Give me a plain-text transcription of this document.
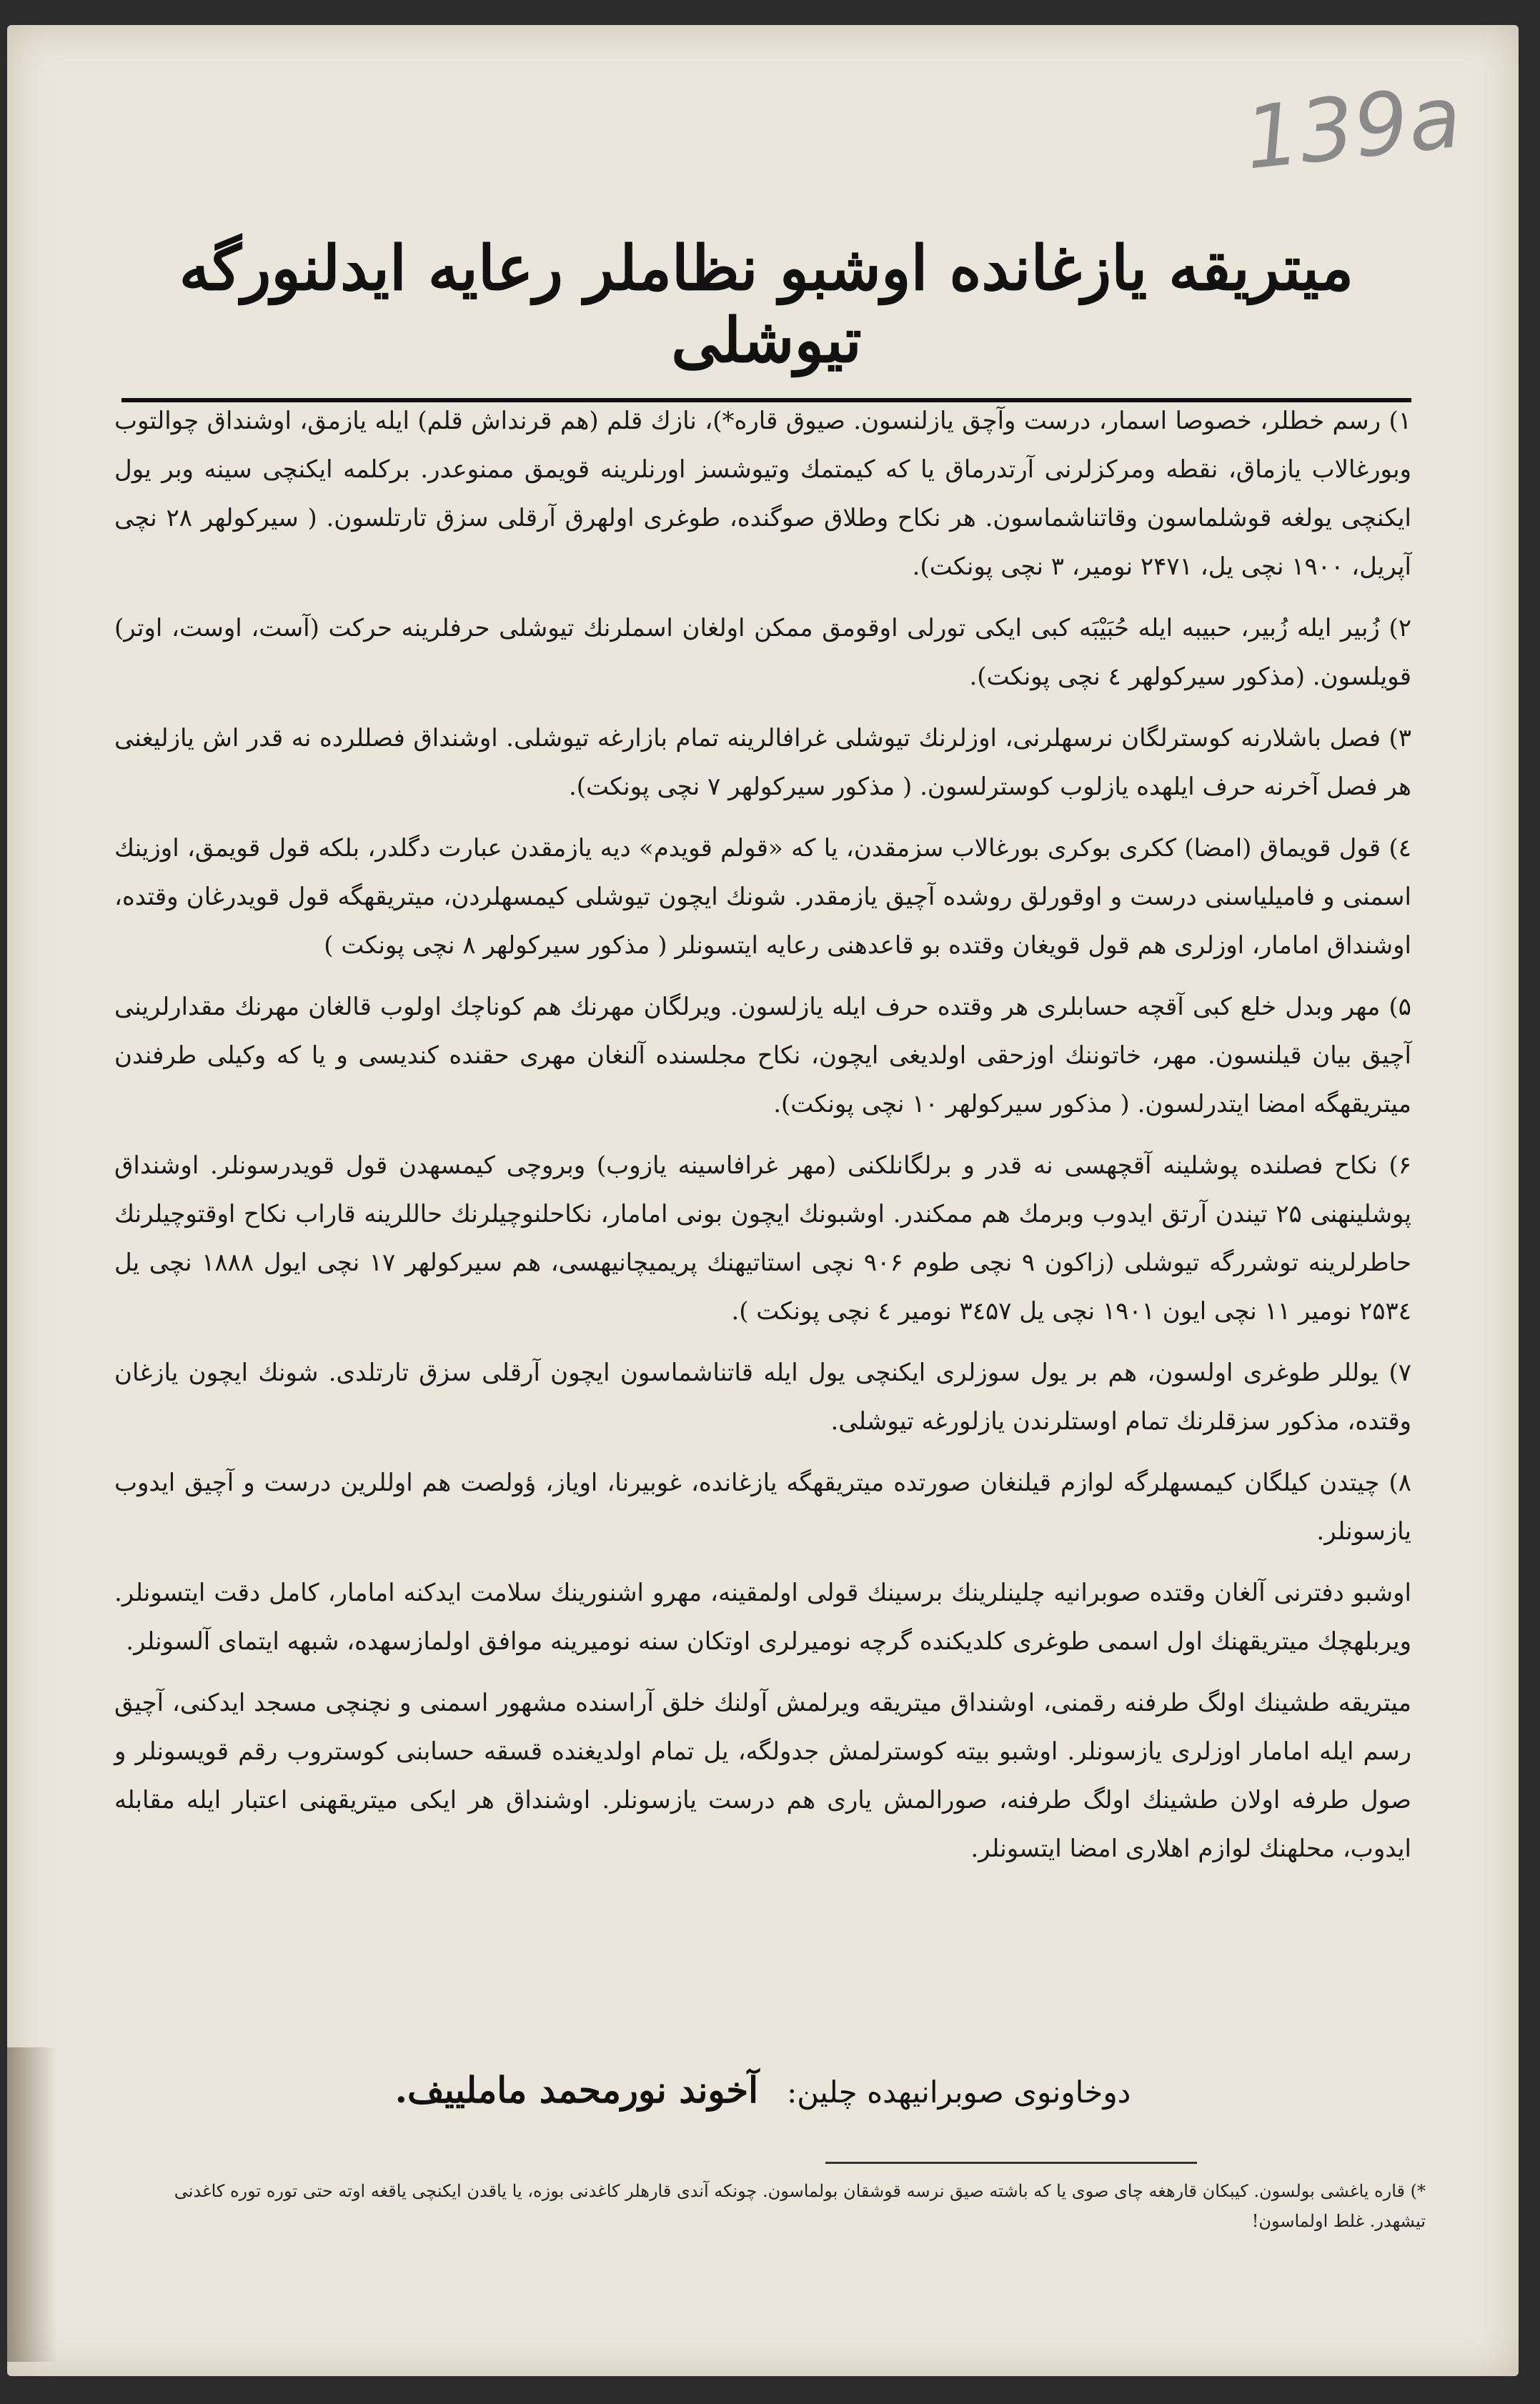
139a
میتریقه یازغانده اوشبو نظاملر رعایه ایدلنورگه تیوشلی

۱) رسم خطلر، خصوصا اسمار، درست وآچق یازلنسون. صیوق قاره*)، نازك قلم (هم قرنداش قلم) ایله یازمق، اوشنداق چوالتوب وبورغالاب یازماق، نقطه ومرکزلرنی آرتدرماق یا که کیمتمك وتیوشسز اورنلرینه قویمق ممنوعدر. برکلمه ایکنچی سینه وبر یول ایکنچی یولغه قوشلماسون وقاتناشماسون. هر نکاح وطلاق صوگنده، طوغری اولهرق آرقلی سزق تارتلسون. ( سیرکولهر ۲۸ نچی آپریل، ۱۹۰۰ نچی یل، ۲۴۷۱ نومیر، ۳ نچی پونکت).

۲) زُبیر ایله زُبیر، حبیبه ایله حُبَیْبَه کبی ایکی تورلی اوقومق ممکن اولغان اسملرنك تیوشلی حرفلرینه حرکت (آست، اوست، اوتر) قویلسون. (مذکور سیرکولهر ٤ نچی پونکت).

۳) فصل باشلارنه کوسترلگان نرسهلرنی، اوزلرنك تیوشلی غرافالرینه تمام بازارغه تیوشلی. اوشنداق فصللرده نه قدر اش یازلیغنی هر فصل آخرنه حرف ایلهده یازلوب کوسترلسون. ( مذکور سیرکولهر ۷ نچی پونکت).

٤) قول قویماق (امضا) ککری بوکری بورغالاب سزمقدن، یا که «قولم قویدم» دیه یازمقدن عبارت دگلدر، بلکه قول قویمق، اوزینك اسمنی و فامیلیاسنی درست و اوقورلق روشده آچیق یازمقدر. شونك ایچون تیوشلی کیمسهلردن، میتریقهگه قول قویدرغان وقتده، اوشنداق امامار، اوزلری هم قول قویغان وقتده بو قاعدهنی رعایه ایتسونلر ( مذکور سیرکولهر ۸ نچی پونکت )

۵) مهر وبدل خلع کبی آقچه حسابلری هر وقتده حرف ایله یازلسون. ویرلگان مهرنك هم کوناچك اولوب قالغان مهرنك مقدارلرینی آچیق بیان قیلنسون. مهر، خاتوننك اوزحقی اولدیغی ایچون، نکاح مجلسنده آلنغان مهری حقنده کندیسی و یا که وکیلی طرفندن میتریقهگه امضا ایتدرلسون. ( مذکور سیرکولهر ۱۰ نچی پونکت).

۶) نکاح فصلنده پوشلینه آقچهسی نه قدر و برلگانلکنی (مهر غرافاسینه یازوب) وبروچی کیمسهدن قول قویدرسونلر. اوشنداق پوشلینهنی ۲۵ تیندن آرتق ایدوب وبرمك هم ممکندر. اوشبونك ایچون بونی امامار، نکاحلنوچیلرنك حاللرینه قاراب نکاح اوقتوچیلرنك حاطرلرینه توشررگه تیوشلی (زاکون ۹ نچی طوم ۹۰۶ نچی استاتیهنك پریمیچانیهسی، هم سیرکولهر ۱۷ نچی ایول ۱۸۸۸ نچی یل ۲۵۳٤ نومیر ۱۱ نچی ایون ۱۹۰۱ نچی یل ۳٤۵۷ نومیر ٤ نچی پونکت ).

۷) یوللر طوغری اولسون، هم بر یول سوزلری ایکنچی یول ایله قاتناشماسون ایچون آرقلی سزق تارتلدی. شونك ایچون یازغان وقتده، مذکور سزقلرنك تمام اوستلرندن یازلورغه تیوشلی.

۸) چیتدن کیلگان کیمسهلرگه لوازم قیلنغان صورتده میتریقهگه یازغانده، غوبیرنا، اویاز، ؤولصت هم اوللرین درست و آچیق ایدوب یازسونلر.

اوشبو دفترنی آلغان وقتده صوبرانیه چلینلرینك برسینك قولی اولمقینه، مهرو اشنورینك سلامت ایدکنه امامار، کامل دقت ایتسونلر. ویربلهچك میتریقهنك اول اسمی طوغری کلدیکنده گرچه نومیرلری اوتکان سنه نومیرینه موافق اولمازسهده، شبهه ایتمای آلسونلر.

میتریقه طشینك اولگ طرفنه رقمنی، اوشنداق میتریقه ویرلمش آولنك خلق آراسنده مشهور اسمنی و نچنچی مسجد ایدکنی، آچیق رسم ایله امامار اوزلری یازسونلر. اوشبو بیته کوسترلمش جدولگه، یل تمام اولدیغنده قسقه حسابنی کوستروب رقم قویسونلر و صول طرفه اولان طشینك اولگ طرفنه، صورالمش یاری هم درست یازسونلر. اوشنداق هر ایکی میتریقهنی اعتبار ایله مقابله ایدوب، محلهنك لوازم اهلاری امضا ایتسونلر.

دوخاونوی صوبرانیهده چلین:   آخوند نورمحمد مامليیف.
*) قاره یاغشی بولسون. کیبکان قارهغه چای صوی یا که باشته صیق نرسه قوشقان بولماسون. چونکه آندی قارهلر کاغدنی بوزه، یا یاقدن ایکنچی یاقغه اوته حتی توره توره کاغدنی تیشهدر. غلط اولماسون!
